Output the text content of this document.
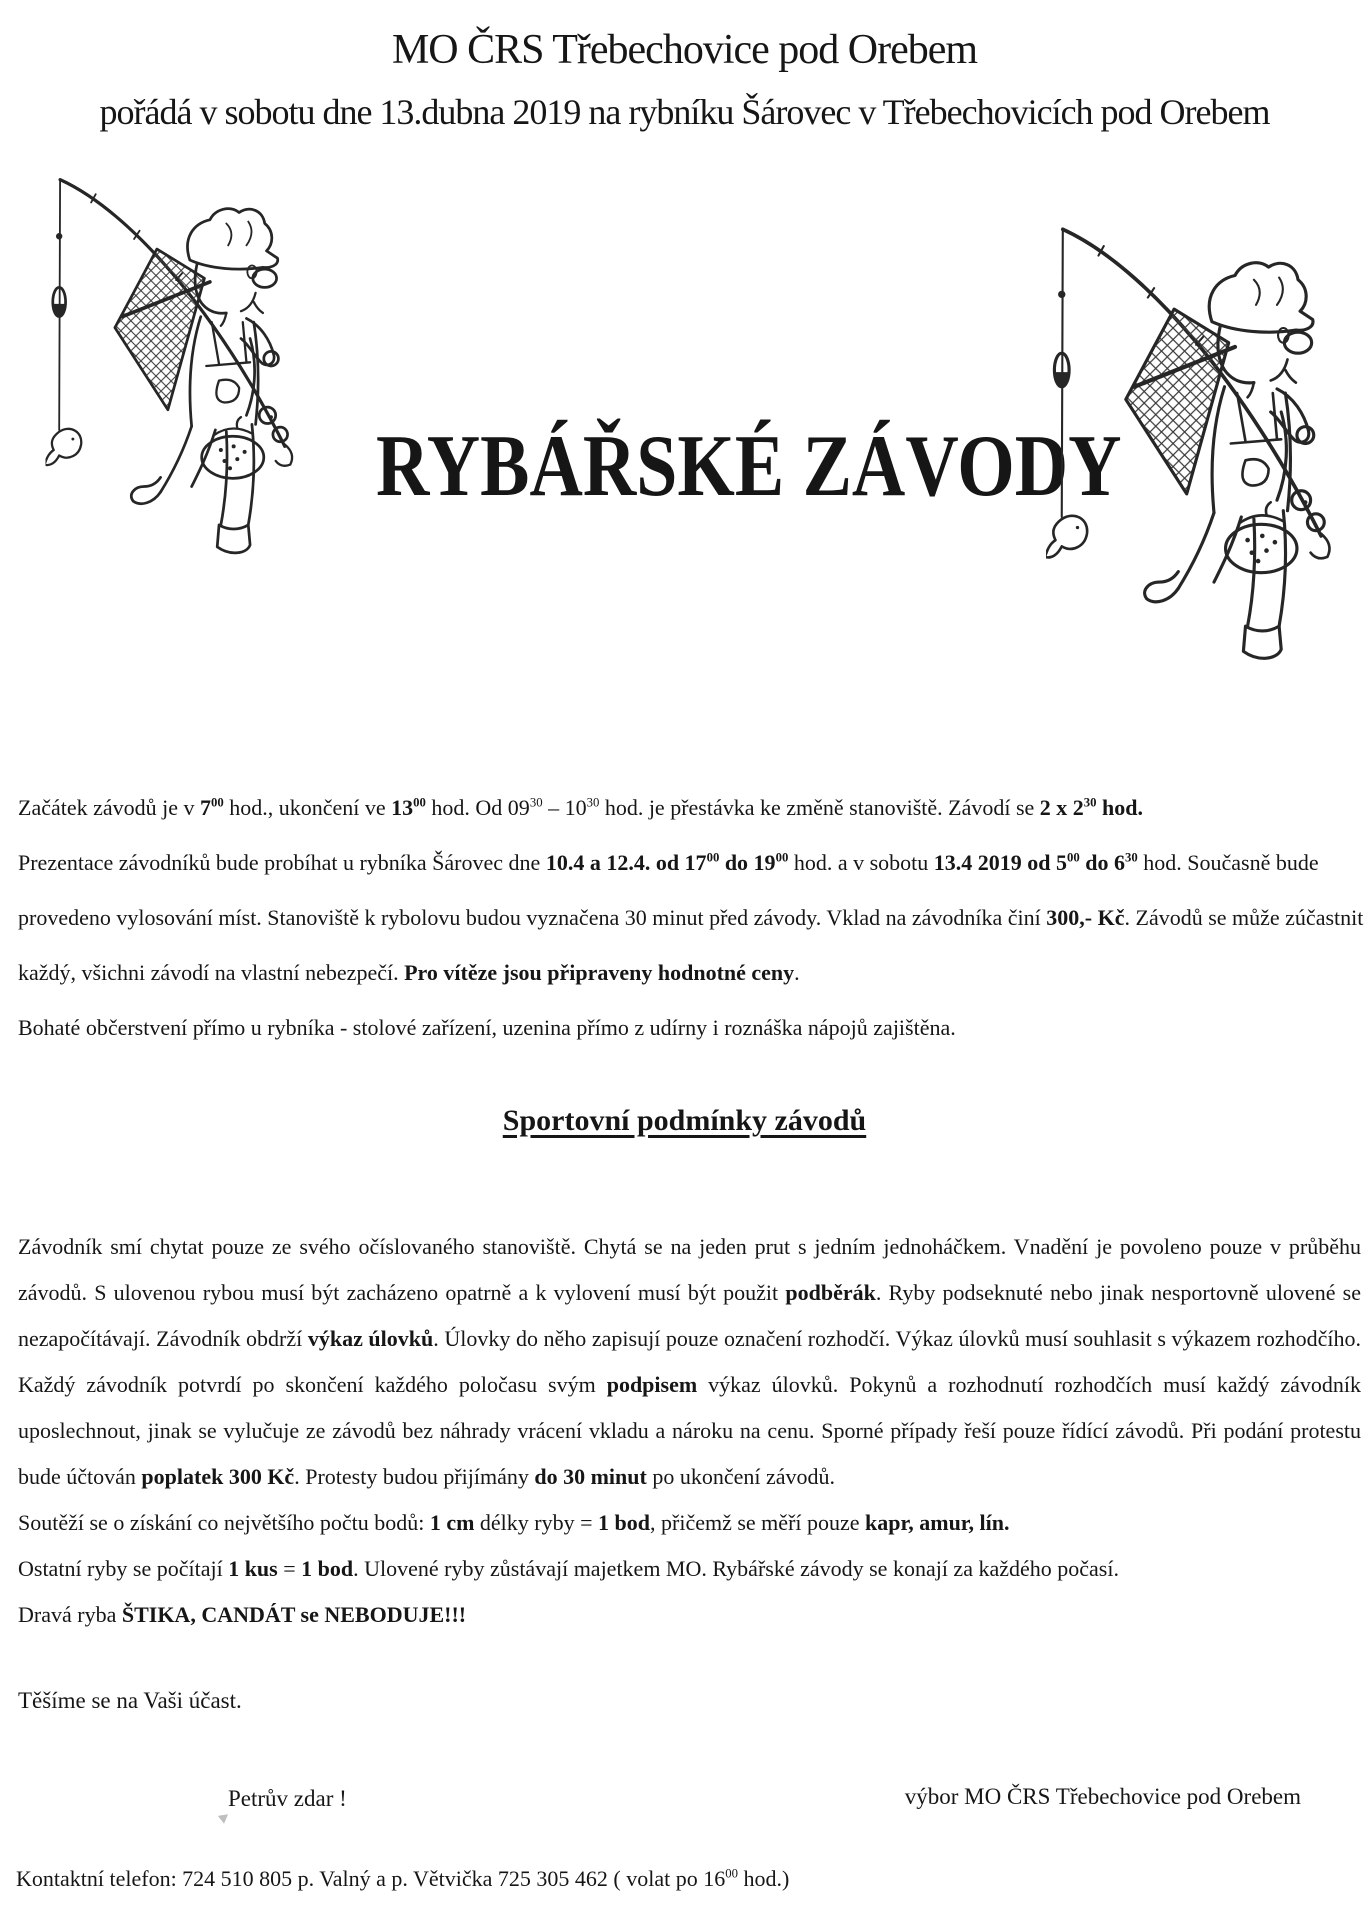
MO ČRS Třebechovice pod Orebem
pořádá v sobotu dne 13.dubna 2019 na rybníku Šárovec v Třebechovicích pod Orebem
RYBÁŘSKÉ ZÁVODY
Začátek závodů je v $7^{00}$ hod., ukončení ve $13^{00}$ hod. Od $09^{30} - 10^{30}$ hod. je přestávka ke změně stanoviště. Závodí se 2 x $2^{30}$ hod.
Prezentace závodníků bude probíhat u rybníka Šárovec dne 10.4 a 12.4. od $17^{00}$ do $19^{00}$ hod. a v sobotu 13.4 2019 od $5^{00}$ do $6^{30}$ hod. Současně bude
provedeno vylosování míst. Stanoviště k rybolovu budou vyznačena 30 minut před závody. Vklad na závodníka činí 300,- Kč. Závodů se může zúčastnit
každý, všichni závodí na vlastní nebezpečí. Pro vítěze jsou připraveny hodnotné ceny.
Bohaté občerstvení přímo u rybníka - stolové zařízení, uzenina přímo z udírny i roznáška nápojů zajištěna.
Sportovní podmínky závodů

Závodník smí chytat pouze ze svého očíslovaného stanoviště. Chytá se na jeden prut s jedním jednoháčkem. Vnadění je povoleno pouze v průběhu závodů. S ulovenou rybou musí být zacházeno opatrně a k vylovení musí být použit podběrák. Ryby podseknuté nebo jinak nesportovně ulovené se nezapočítávají. Závodník obdrží výkaz úlovků. Úlovky do něho zapisují pouze označení rozhodčí. Výkaz úlovků musí souhlasit s výkazem rozhodčího. Každý závodník potvrdí po skončení každého poločasu svým podpisem výkaz úlovků. Pokynů a rozhodnutí rozhodčích musí každý závodník uposlechnout, jinak se vylučuje ze závodů bez náhrady vrácení vkladu a nároku na cenu. Sporné případy řeší pouze řídící závodů. Při podání protestu bude účtován poplatek 300 Kč. Protesty budou přijímány do 30 minut po ukončení závodů.

Soutěží se o získání co největšího počtu bodů: 1 cm délky ryby = 1 bod, přičemž se měří pouze kapr, amur, lín.
Ostatní ryby se počítají 1 kus = 1 bod. Ulovené ryby zůstávají majetkem MO. Rybářské závody se konají za každého počasí.
Dravá ryba ŠTIKA, CANDÁT se NEBODUJE!!!
Těšíme se na Vaši účast.
Petrův zdar !	výbor MO ČRS Třebechovice pod Orebem
Kontaktní telefon: 724 510 805 p. Valný a p. Větvička 725 305 462 ( volat po $16^{00}$ hod.)
